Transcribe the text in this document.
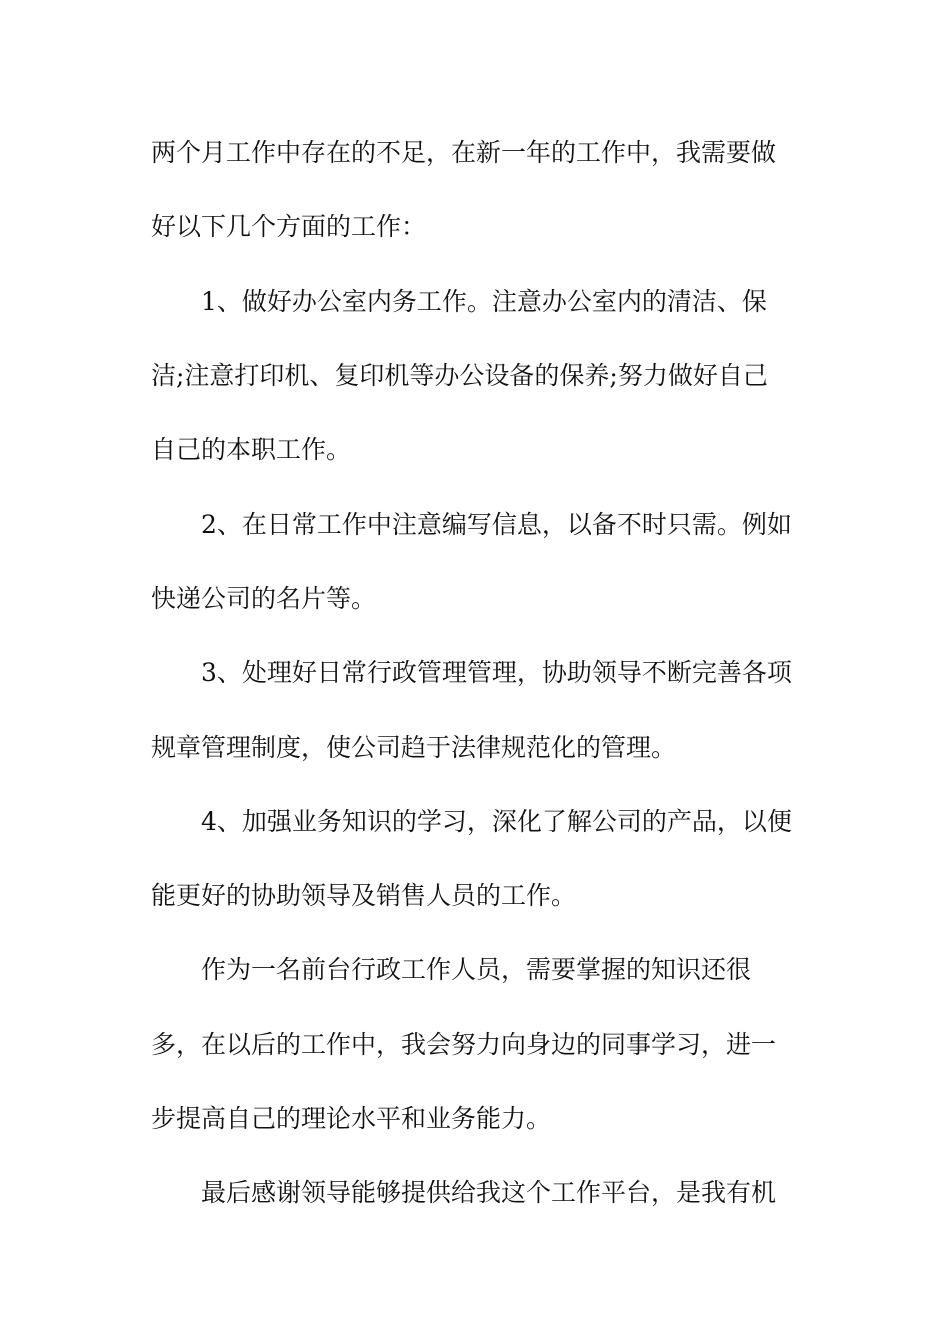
两个月工作中存在的不足，在新一年的工作中，我需要做
好以下几个方面的工作：
1、做好办公室内务工作。注意办公室内的清洁、保
洁;注意打印机、复印机等办公设备的保养;努力做好自己
自己的本职工作。
2、在日常工作中注意编写信息，以备不时只需。例如
快递公司的名片等。
3、处理好日常行政管理管理，协助领导不断完善各项
规章管理制度，使公司趋于法律规范化的管理。
4、加强业务知识的学习，深化了解公司的产品，以便
能更好的协助领导及销售人员的工作。
作为一名前台行政工作人员，需要掌握的知识还很
多，在以后的工作中，我会努力向身边的同事学习，进一
步提高自己的理论水平和业务能力。
最后感谢领导能够提供给我这个工作平台，是我有机
